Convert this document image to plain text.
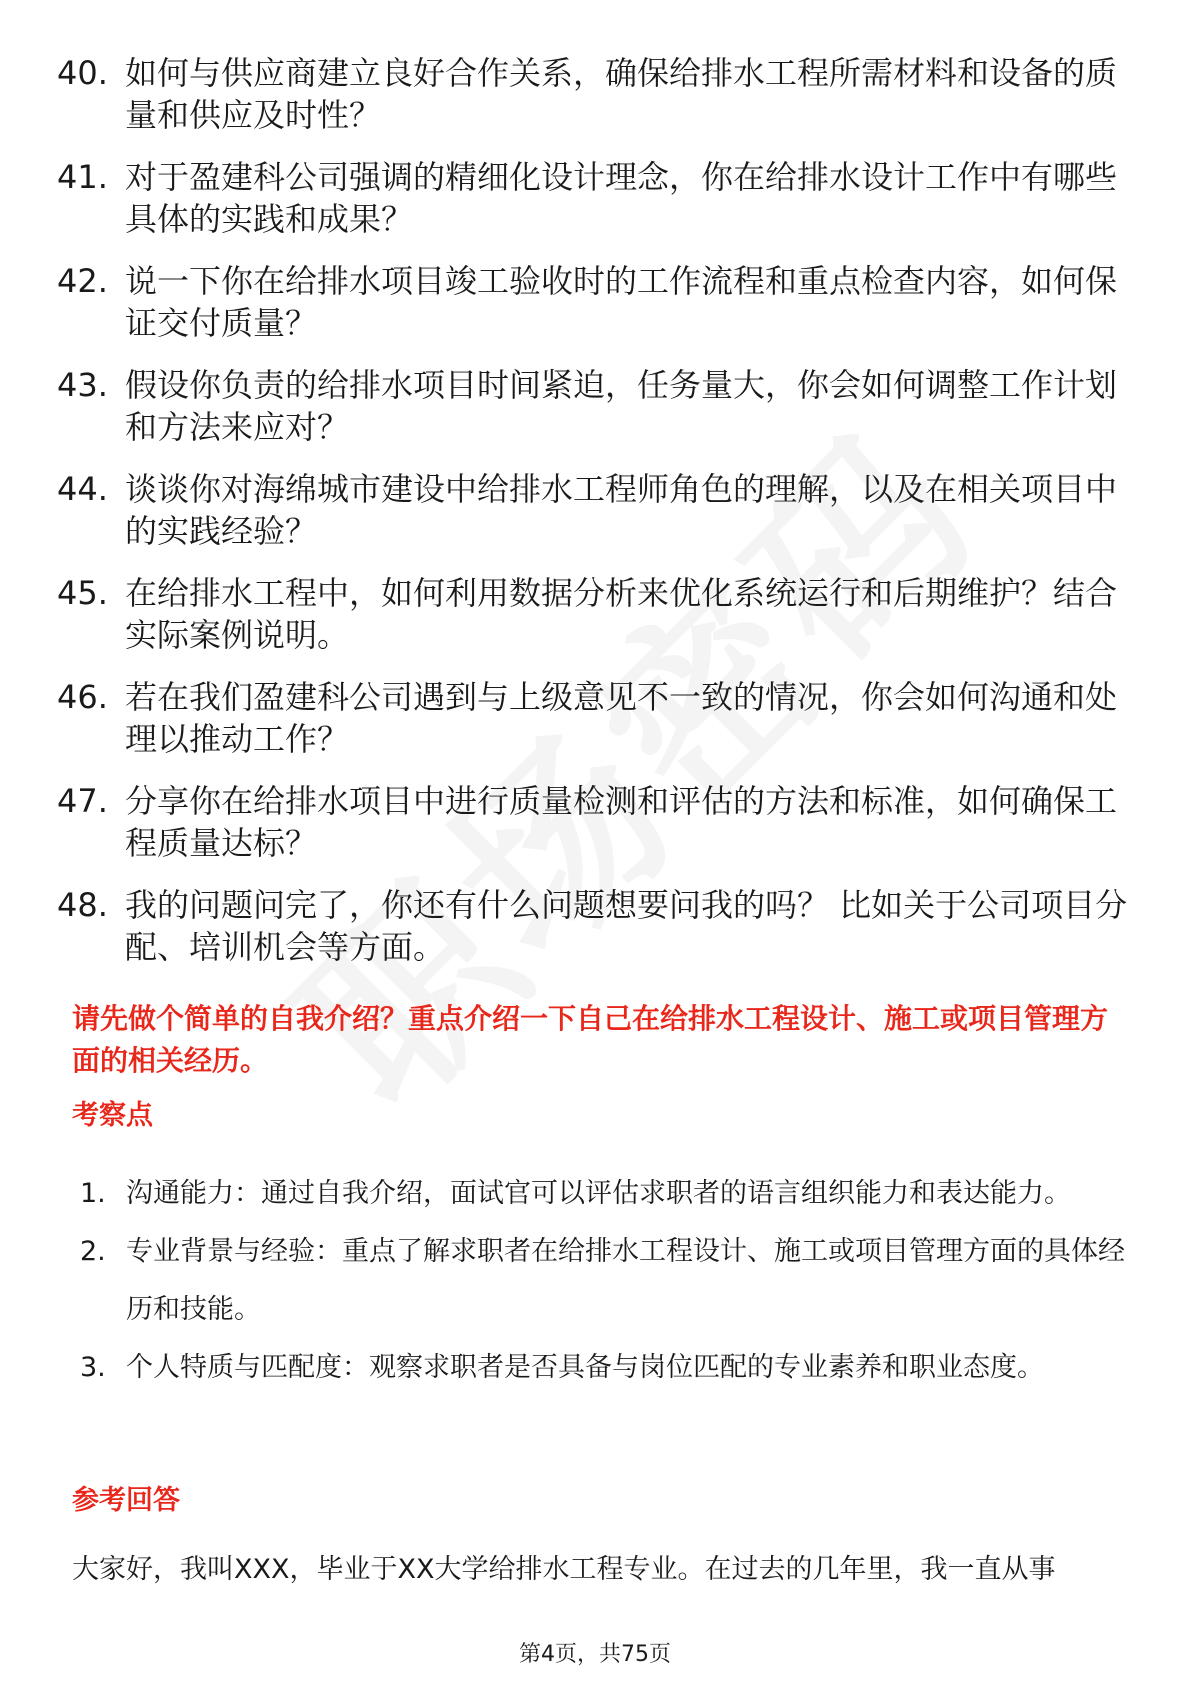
40. 如何与供应商建立良好合作关系，确保给排水工程所需材料和设备的质量和供应及时性？
41. 对于盈建科公司强调的精细化设计理念，你在给排水设计工作中有哪些具体的实践和成果？
42. 说一下你在给排水项目竣工验收时的工作流程和重点检查内容，如何保证交付质量？
43. 假设你负责的给排水项目时间紧迫，任务量大，你会如何调整工作计划和方法来应对？
44. 谈谈你对海绵城市建设中给排水工程师角色的理解，以及在相关项目中的实践经验？
45. 在给排水工程中，如何利用数据分析来优化系统运行和后期维护？结合实际案例说明。
46. 若在我们盈建科公司遇到与上级意见不一致的情况，你会如何沟通和处理以推动工作？
47. 分享你在给排水项目中进行质量检测和评估的方法和标准，如何确保工程质量达标？
48. 我的问题问完了，你还有什么问题想要问我的吗？ 比如关于公司项目分配、培训机会等方面。
请先做个简单的自我介绍？重点介绍一下自己在给排水工程设计、施工或项目管理方面的相关经历。
考察点
1. 沟通能力：通过自我介绍，面试官可以评估求职者的语言组织能力和表达能力。
2. 专业背景与经验：重点了解求职者在给排水工程设计、施工或项目管理方面的具体经历和技能。
3. 个人特质与匹配度：观察求职者是否具备与岗位匹配的专业素养和职业态度。
参考回答
大家好，我叫XXX，毕业于XX大学给排水工程专业。在过去的几年里，我一直从事
第4页，共75页
